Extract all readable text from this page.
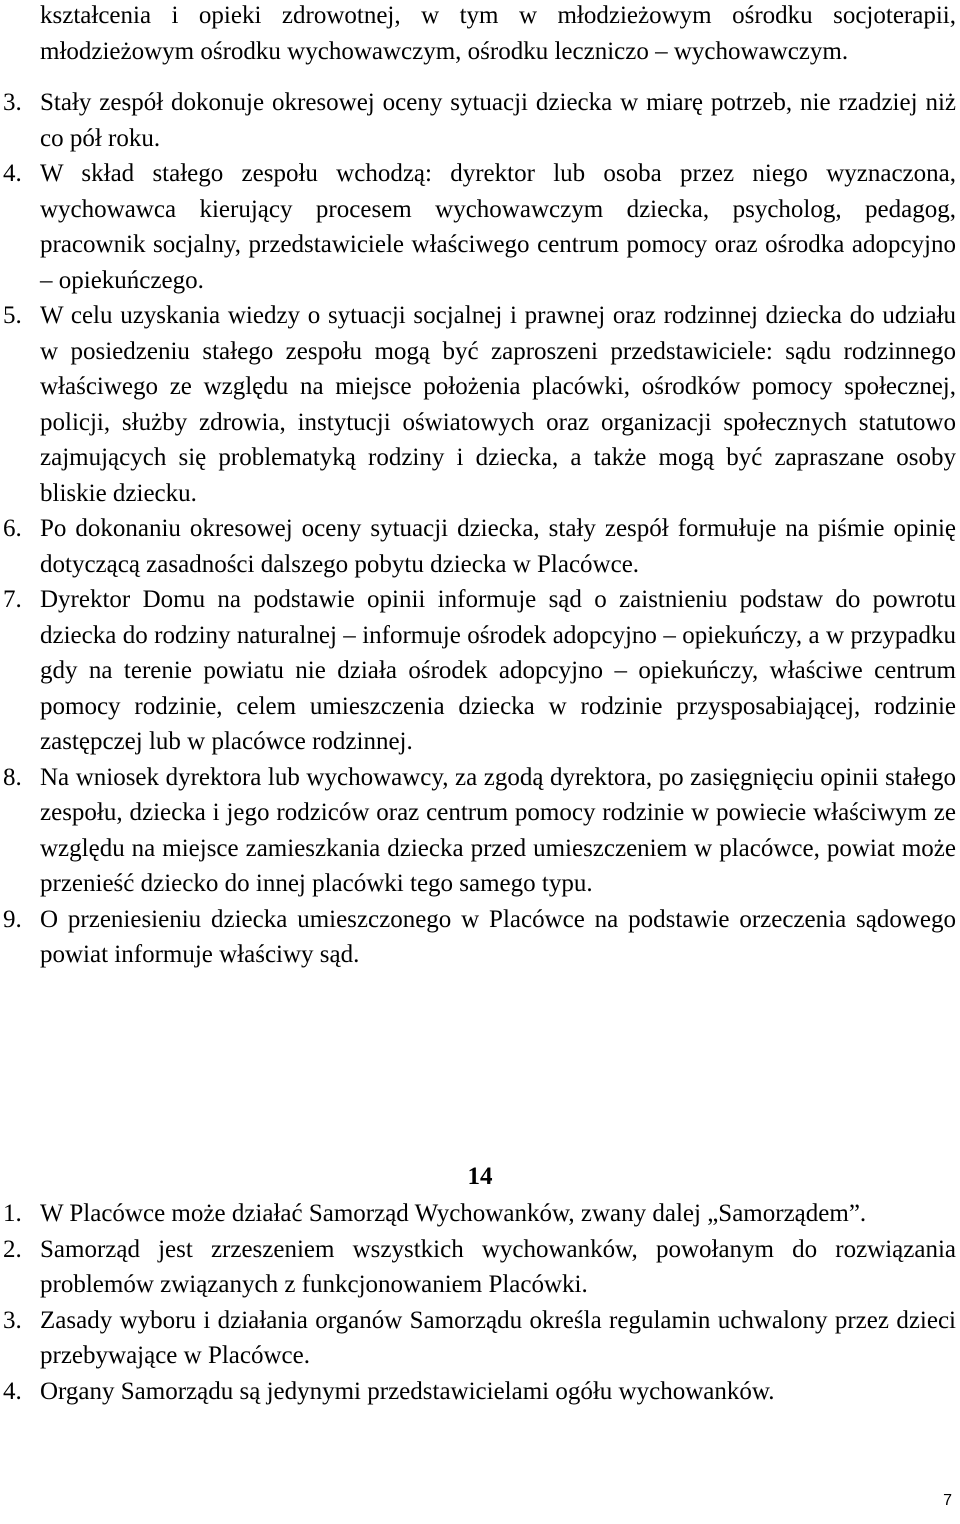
kształcenia i opieki zdrowotnej, w tym w młodzieżowym ośrodku socjoterapii, młodzieżowym ośrodku wychowawczym, ośrodku leczniczo – wychowawczym.
3. Stały zespół dokonuje okresowej oceny sytuacji dziecka w miarę potrzeb, nie rzadziej niż co pół roku.
4. W skład stałego zespołu wchodzą: dyrektor lub osoba przez niego wyznaczona, wychowawca kierujący procesem wychowawczym dziecka, psycholog, pedagog, pracownik socjalny, przedstawiciele właściwego centrum pomocy oraz ośrodka adopcyjno – opiekuńczego.
5. W celu uzyskania wiedzy o sytuacji socjalnej i prawnej oraz rodzinnej dziecka do udziału w posiedzeniu stałego zespołu mogą być zaproszeni przedstawiciele: sądu rodzinnego właściwego ze względu na miejsce położenia placówki, ośrodków pomocy społecznej, policji, służby zdrowia, instytucji oświatowych oraz organizacji społecznych statutowo zajmujących się problematyką rodziny i dziecka, a także mogą być zapraszane osoby bliskie dziecku.
6. Po dokonaniu okresowej oceny sytuacji dziecka, stały zespół formułuje na piśmie opinię dotyczącą zasadności dalszego pobytu dziecka w Placówce.
7. Dyrektor Domu na podstawie opinii informuje sąd o zaistnieniu podstaw do powrotu dziecka do rodziny naturalnej – informuje ośrodek adopcyjno – opiekuńczy, a w przypadku gdy na terenie powiatu nie działa ośrodek adopcyjno – opiekuńczy, właściwe centrum pomocy rodzinie, celem umieszczenia dziecka w rodzinie przysposabiającej, rodzinie zastępczej lub w placówce rodzinnej.
8. Na wniosek dyrektora lub wychowawcy, za zgodą dyrektora, po zasięgnięciu opinii stałego zespołu, dziecka i jego rodziców oraz centrum pomocy rodzinie w powiecie właściwym ze względu na miejsce zamieszkania dziecka przed umieszczeniem w placówce, powiat może przenieść dziecko do innej placówki tego samego typu.
9. O przeniesieniu dziecka umieszczonego w Placówce na podstawie orzeczenia sądowego powiat informuje właściwy sąd.
14
1. W Placówce może działać Samorząd Wychowanków, zwany dalej „Samorządem”.
2. Samorząd jest zrzeszeniem wszystkich wychowanków, powołanym do rozwiązania problemów związanych z funkcjonowaniem Placówki.
3. Zasady wyboru i działania organów Samorządu określa regulamin uchwalony przez dzieci przebywające w Placówce.
4. Organy Samorządu są jedynymi przedstawicielami ogółu wychowanków.
7
